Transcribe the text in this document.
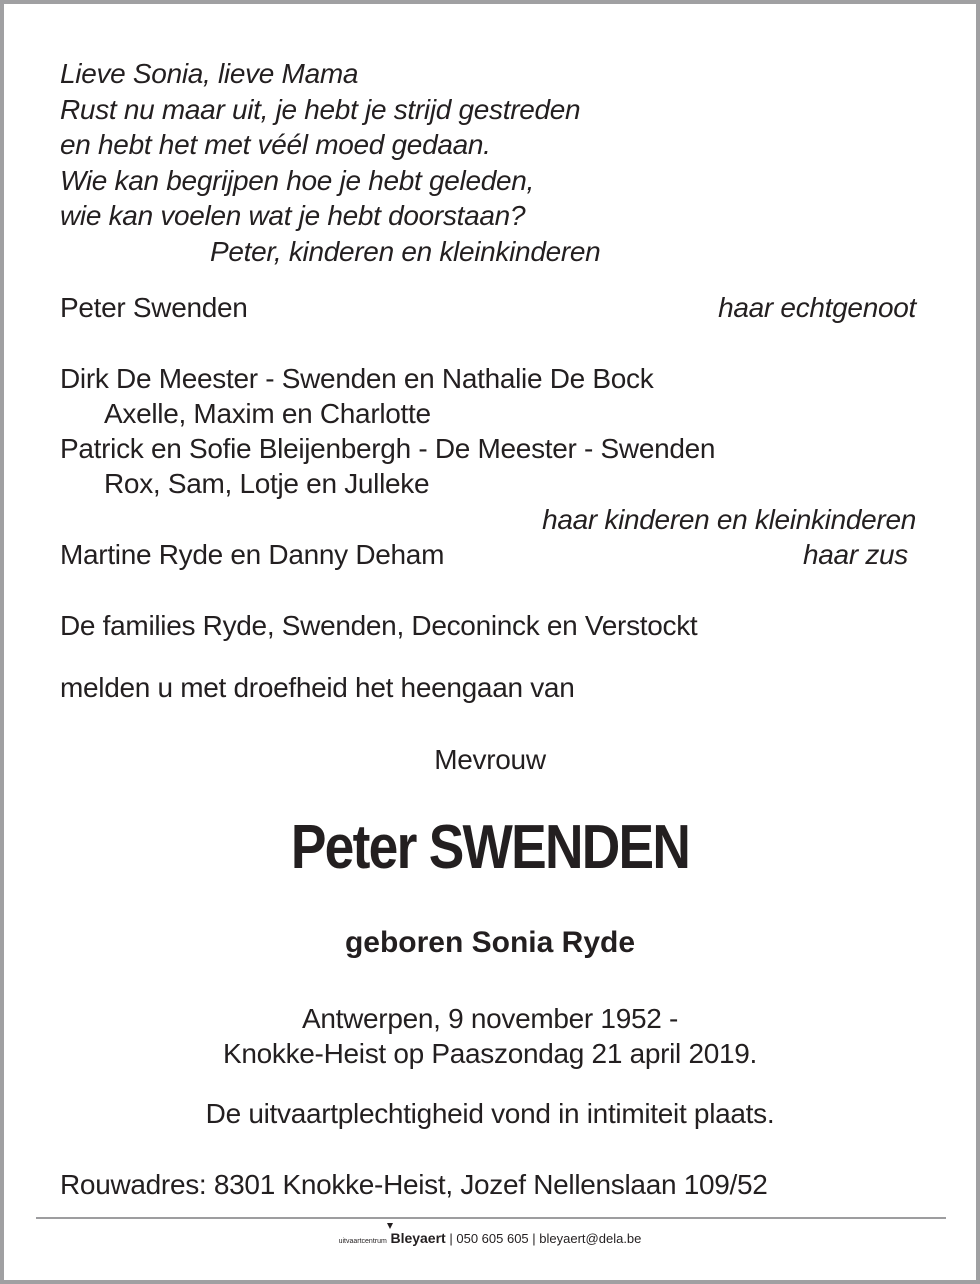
Lieve Sonia, lieve Mama
Rust nu maar uit, je hebt je strijd gestreden
en hebt het met véél moed gedaan.
Wie kan begrijpen hoe je hebt geleden,
wie kan voelen wat je hebt doorstaan?
Peter, kinderen en kleinkinderen
Peter Swenden	haar echtgenoot
Dirk De Meester - Swenden en Nathalie De Bock
Axelle, Maxim en Charlotte
Patrick en Sofie Bleijenbergh - De Meester - Swenden
Rox, Sam, Lotje en Julleke
haar kinderen en kleinkinderen
Martine Ryde en Danny Deham	haar zus
De families Ryde, Swenden, Deconinck en Verstockt
melden u met droefheid het heengaan van
Mevrouw
Peter SWENDEN
geboren Sonia Ryde
Antwerpen, 9 november 1952 -
Knokke-Heist op Paaszondag 21 april 2019.
De uitvaartplechtigheid vond in intimiteit plaats.
Rouwadres: 8301 Knokke-Heist, Jozef Nellenslaan 109/52
uitvaartcentrum Bleyaert | 050 605 605 | bleyaert@dela.be
